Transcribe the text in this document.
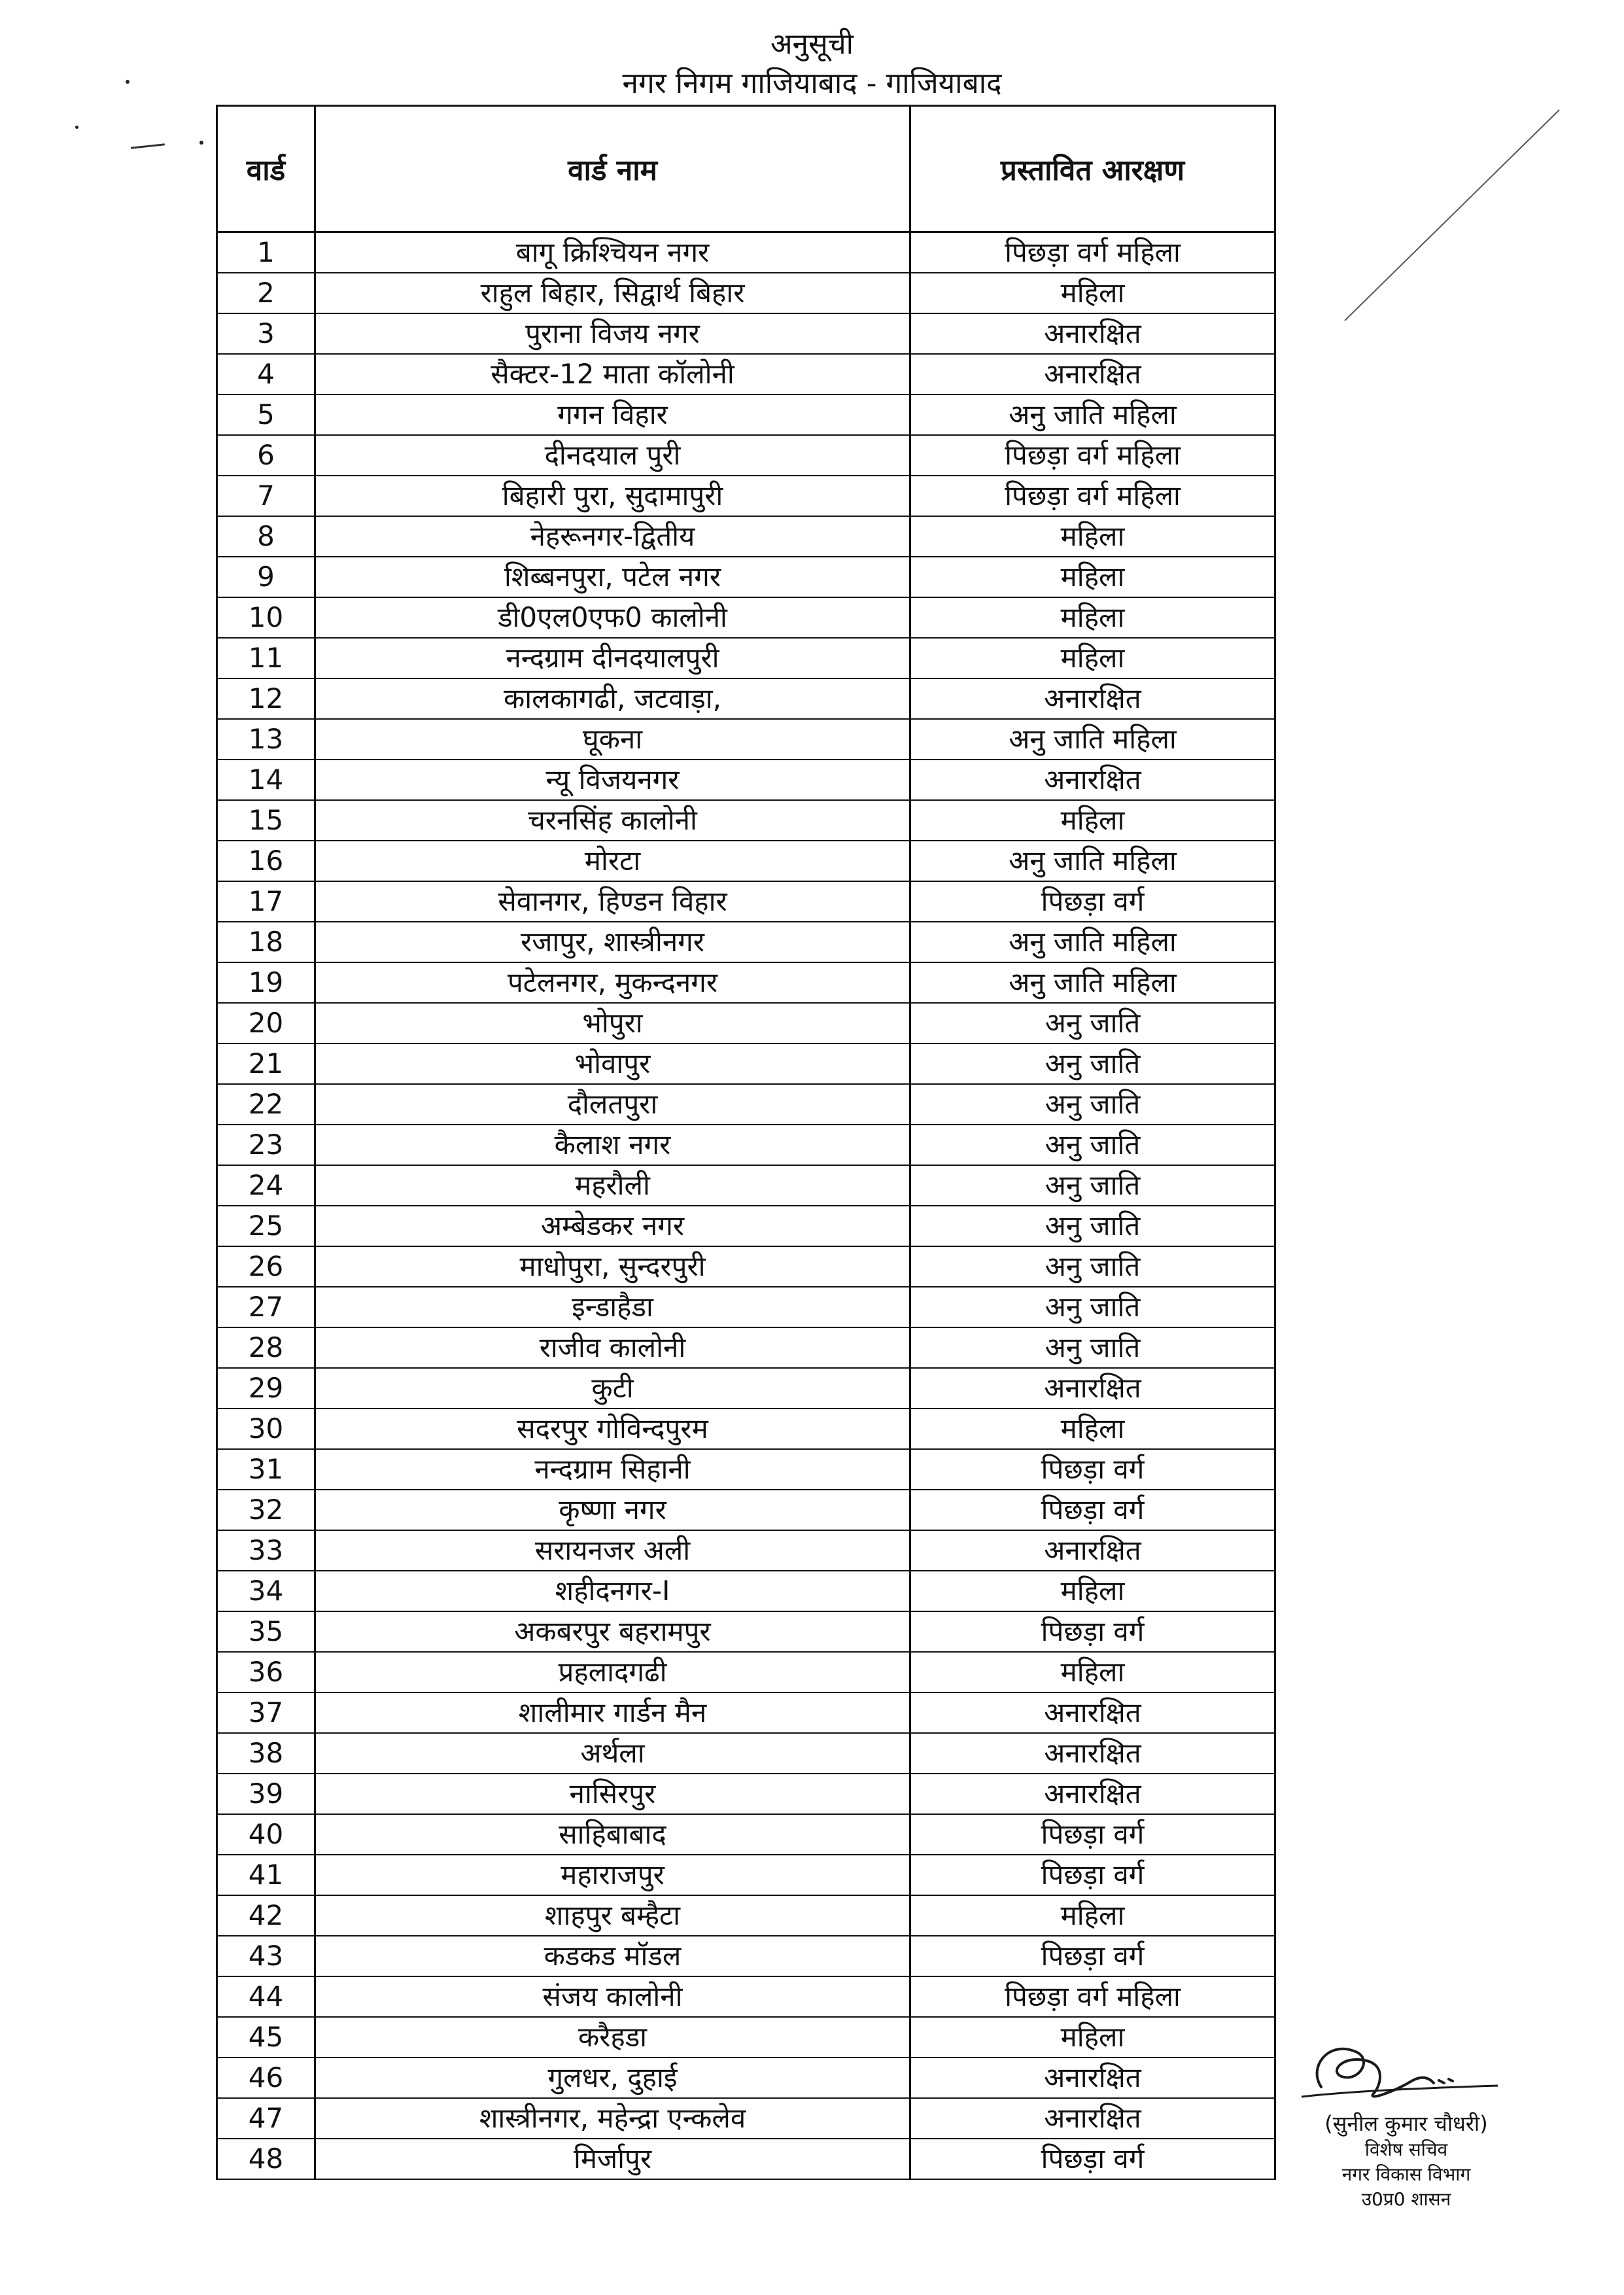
अनुसूची
नगर निगम गाजियाबाद - गाजियाबाद
वार्ड	वार्ड नाम	प्रस्तावित आरक्षण
1	बागू क्रिश्चियन नगर	पिछड़ा वर्ग महिला
2	राहुल बिहार, सिद्वार्थ बिहार	महिला
3	पुराना विजय नगर	अनारक्षित
4	सैक्टर-12 माता कॉलोनी	अनारक्षित
5	गगन विहार	अनु जाति महिला
6	दीनदयाल पुरी	पिछड़ा वर्ग महिला
7	बिहारी पुरा, सुदामापुरी	पिछड़ा वर्ग महिला
8	नेहरूनगर-द्वितीय	महिला
9	शिब्बनपुरा, पटेल नगर	महिला
10	डी0एल0एफ0 कालोनी	महिला
11	नन्दग्राम दीनदयालपुरी	महिला
12	कालकागढी, जटवाड़ा,	अनारक्षित
13	घूकना	अनु जाति महिला
14	न्यू विजयनगर	अनारक्षित
15	चरनसिंह कालोनी	महिला
16	मोरटा	अनु जाति महिला
17	सेवानगर, हिण्डन विहार	पिछड़ा वर्ग
18	रजापुर, शास्त्रीनगर	अनु जाति महिला
19	पटेलनगर, मुकन्दनगर	अनु जाति महिला
20	भोपुरा	अनु जाति
21	भोवापुर	अनु जाति
22	दौलतपुरा	अनु जाति
23	कैलाश नगर	अनु जाति
24	महरौली	अनु जाति
25	अम्बेडकर नगर	अनु जाति
26	माधोपुरा, सुन्दरपुरी	अनु जाति
27	इन्डाहैडा	अनु जाति
28	राजीव कालोनी	अनु जाति
29	कुटी	अनारक्षित
30	सदरपुर गोविन्दपुरम	महिला
31	नन्दग्राम सिहानी	पिछड़ा वर्ग
32	कृष्णा नगर	पिछड़ा वर्ग
33	सरायनजर अली	अनारक्षित
34	शहीदनगर-I	महिला
35	अकबरपुर बहरामपुर	पिछड़ा वर्ग
36	प्रहलादगढी	महिला
37	शालीमार गार्डन मैन	अनारक्षित
38	अर्थला	अनारक्षित
39	नासिरपुर	अनारक्षित
40	साहिबाबाद	पिछड़ा वर्ग
41	महाराजपुर	पिछड़ा वर्ग
42	शाहपुर बम्हैटा	महिला
43	कडकड मॉडल	पिछड़ा वर्ग
44	संजय कालोनी	पिछड़ा वर्ग महिला
45	करैहडा	महिला
46	गुलधर, दुहाई	अनारक्षित
47	शास्त्रीनगर, महेन्द्रा एन्कलेव	अनारक्षित
48	मिर्जापुर	पिछड़ा वर्ग
(सुनील कुमार चौधरी)
विशेष सचिव
नगर विकास विभाग
उ0प्र0 शासन
